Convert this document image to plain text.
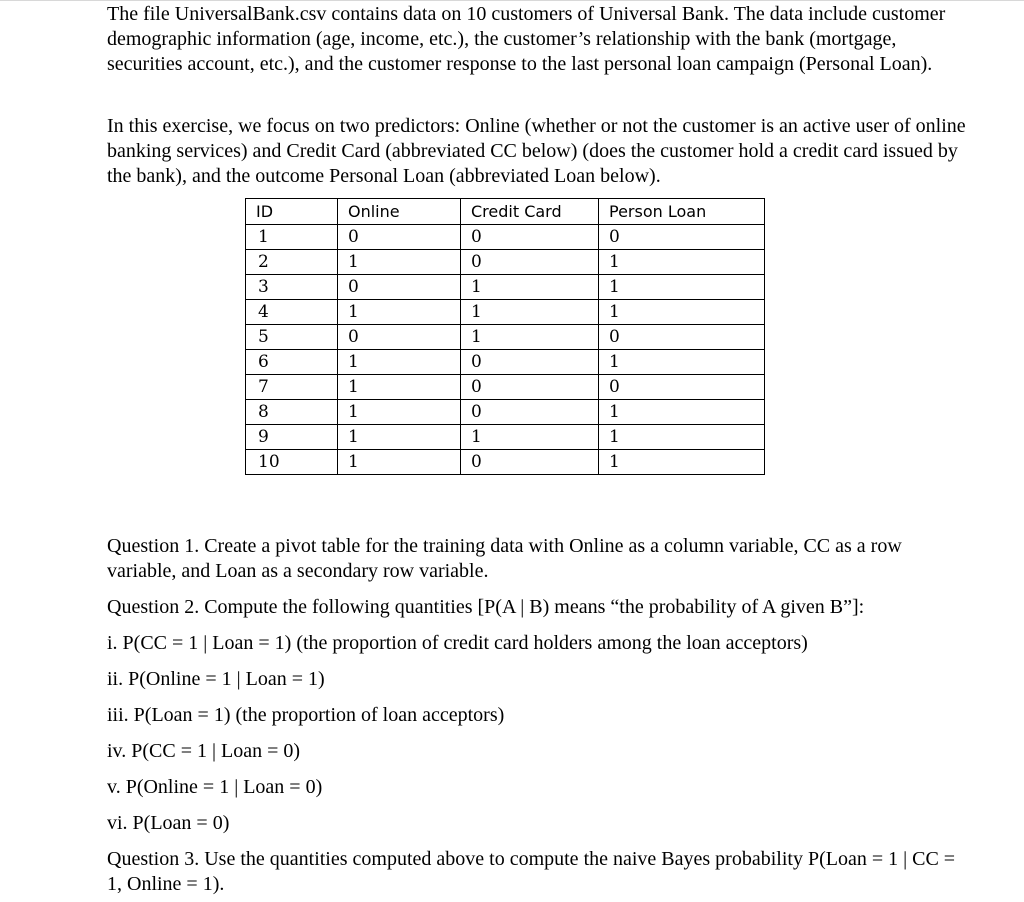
The file UniversalBank.csv contains data on 10 customers of Universal Bank. The data include customer demographic information (age, income, etc.), the customer’s relationship with the bank (mortgage, securities account, etc.), and the customer response to the last personal loan campaign (Personal Loan).

In this exercise, we focus on two predictors: Online (whether or not the customer is an active user of online banking services) and Credit Card (abbreviated CC below) (does the customer hold a credit card issued by the bank), and the outcome Personal Loan (abbreviated Loan below).

ID	Online	Credit Card	Person Loan
1	0	0	0
2	1	0	1
3	0	1	1
4	1	1	1
5	0	1	0
6	1	0	1
7	1	0	0
8	1	0	1
9	1	1	1
10	1	0	1

Question 1. Create a pivot table for the training data with Online as a column variable, CC as a row variable, and Loan as a secondary row variable.

Question 2. Compute the following quantities [P(A | B) means “the probability of A given B”]:

i. P(CC = 1 | Loan = 1) (the proportion of credit card holders among the loan acceptors)

ii. P(Online = 1 | Loan = 1)

iii. P(Loan = 1) (the proportion of loan acceptors)

iv. P(CC = 1 | Loan = 0)

v. P(Online = 1 | Loan = 0)

vi. P(Loan = 0)

Question 3. Use the quantities computed above to compute the naive Bayes probability P(Loan = 1 | CC = 1, Online = 1).
